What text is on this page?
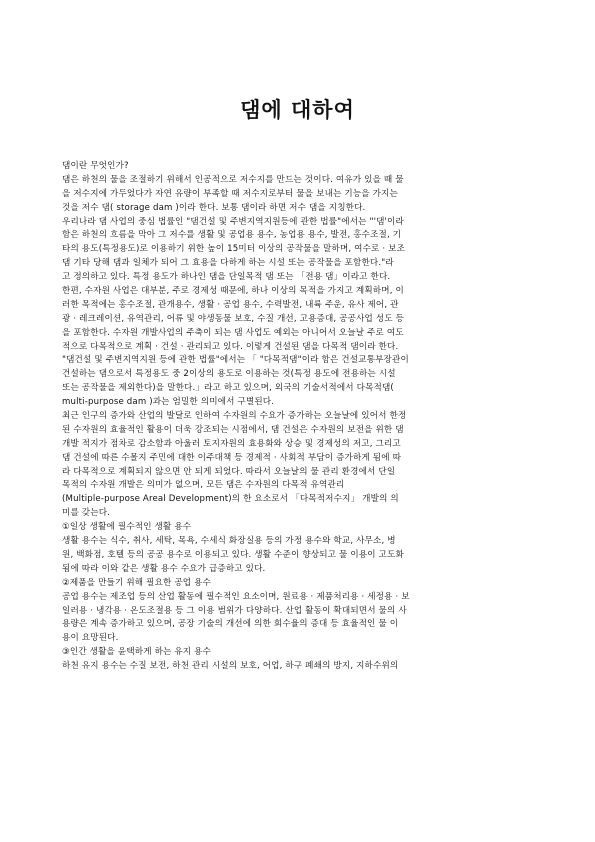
댐에 대하여
댐이란 무엇인가?
댐은 하천의 물을 조절하기 위해서 인공적으로 저수지를 만드는 것이다. 여유가 있을 때 물
을 저수지에 가두었다가 자연 유량이 부족할 때 저수지로부터 물을 보내는 기능을 가지는
것을 저수 댐( storage dam )이라 한다. 보통 댐이라 하면 저수 댐을 지칭한다.
우리나라 댐 사업의 중심 법률인 "댐건설 및 주변지역지원등에 관한 법률"에서는 "'댐'이라
함은 하천의 흐름을 막아 그 저수를 생활 및 공업용 용수, 농업용 용수, 발전, 홍수조절, 기
타의 용도(특정용도)로 이용하기 위한 높이 15미터 이상의 공작물을 말하며, 여수로 · 보조
댐 기타 당해 댐과 일체가 되어 그 효용을 다하게 하는 시설 또는 공작물을 포함한다."라
고 정의하고 있다. 특정 용도가 하나인 댐을 단일목적 댐 또는 「전용 댐」이라고 한다.
한편, 수자원 사업은 대부분, 주로 경제성 때문에, 하나 이상의 목적을 가지고 계획하며, 이
러한 목적에는 홍수조절, 관개용수, 생활 · 공업 용수, 수력발전, 내륙 주운, 유사 제어, 관
광 · 레크레이션, 유역관리, 어류 및 야생동물 보호, 수질 개선, 고용증대, 공공사업 성도 등
을 포함한다. 수자원 개발사업의 주축이 되는 댐 사업도 예외는 아니어서 오늘날 주로 여도
적으로 다목적으로 계획 · 건설 · 관리되고 있다. 이렇게 건설된 댐을 다목적 댐이라 한다.
"댐건설 및 주변지역지원 등에 관한 법률"에서는 「 "다목적댐"이라 함은 건설교통부장관이
건설하는 댐으로서 특정용도 중 2이상의 용도로 이용하는 것(특정 용도에 전용하는 시설
또는 공작물을 제외한다)을 말한다.」라고 하고 있으며, 외국의 기술서적에서 다목적댐(
multi-purpose dam )과는 엄밀한 의미에서 구별된다.
최근 인구의 증가와 산업의 발달로 인하여 수자원의 수요가 증가하는 오늘날에 있어서 한정
된 수자원의 효율적인 활용이 더욱 강조되는 시점에서, 댐 건설은 수자원의 보전을 위한 댐
개발 적지가 점차로 감소함과 아울러 토지자원의 효용화와 상승 및 경제성의 저고, 그리고
댐 건설에 따른 수몰지 주민에 대한 이주대책 등 경제적 · 사회적 부담이 증가하게 됨에 따
라 다목적으로 계획되지 않으면 안 되게 되었다. 따라서 오늘날의 물 관리 환경에서 단일
목적의 수자원 개발은 의미가 없으며, 모든 댐은 수자원의 다목적 유역관리
(Multiple-purpose Areal Development)의 한 요소로서 「다목적저수지」 개발의 의
미를 갖는다.
①일상 생활에 필수적인 생활 용수
생활 용수는 식수, 취사, 세탁, 목욕, 수세식 화장실용 등의 가정 용수와 학교, 사무소, 병
원, 백화점, 호텔 등의 공공 용수로 이용되고 있다. 생활 수준이 향상되고 물 이용이 고도화
됨에 따라 이와 같은 생활 용수 수요가 급증하고 있다.
②제품을 만들기 위해 필요한 공업 용수
공업 용수는 제조업 등의 산업 활동에 필수적인 요소이며, 원료용 · 제품처리용 · 세정용 · 보
일러용 · 냉각용 · 온도조절용 등 그 이용 범위가 다양하다. 산업 활동이 확대되면서 물의 사
용량은 계속 증가하고 있으며, 공장 기술의 개선에 의한 회수율의 증대 등 효율적인 물 이
용이 요망된다.
③인간 생활을 윤택하게 하는 유지 용수
하천 유지 용수는 수질 보전, 하천 관리 시설의 보호, 어업, 하구 폐쇄의 방지, 지하수위의
